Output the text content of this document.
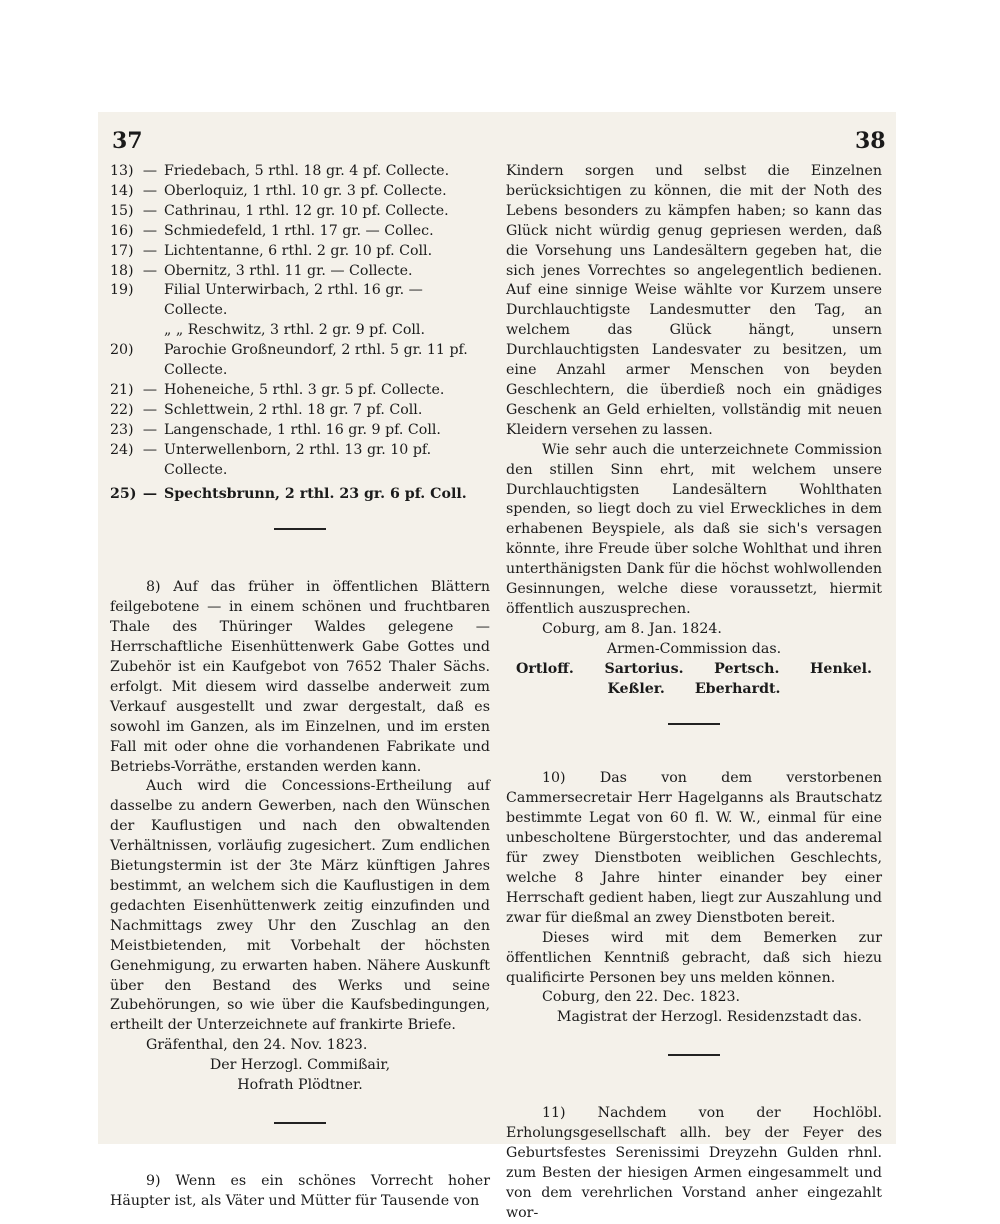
37	38
13) — Friedebach, 5 rthl. 18 gr. 4 pf. Collecte.
14) — Oberloquiz, 1 rthl. 10 gr. 3 pf. Collecte.
15) — Cathrinau, 1 rthl. 12 gr. 10 pf. Collecte.
16) — Schmiedefeld, 1 rthl. 17 gr. — Collec.
17) — Lichtentanne, 6 rthl. 2 gr. 10 pf. Coll.
18) — Obernitz, 3 rthl. 11 gr. — Collecte.
19) Filial Unterwirbach, 2 rthl. 16 gr. —
Collecte.
„ „ Reschwitz, 3 rthl. 2 gr. 9 pf. Coll.
20) Parochie Großneundorf, 2 rthl. 5 gr. 11 pf.
Collecte.
21) — Hoheneiche, 5 rthl. 3 gr. 5 pf. Collecte.
22) — Schlettwein, 2 rthl. 18 gr. 7 pf. Coll.
23) — Langenschade, 1 rthl. 16 gr. 9 pf. Coll.
24) — Unterwellenborn, 2 rthl. 13 gr. 10 pf.
Collecte.
25) — Spechtsbrunn, 2 rthl. 23 gr. 6 pf. Coll.
8) Auf das früher in öffentlichen Blättern feilgebotene — in einem schönen und fruchtbaren Thale des Thüringer Waldes gelegene — Herrschaftliche Eisenhüttenwerk Gabe Gottes und Zubehör ist ein Kaufgebot von 7652 Thaler Sächs. erfolgt. Mit diesem wird dasselbe anderweit zum Verkauf ausgestellt und zwar dergestalt, daß es sowohl im Ganzen, als im Einzelnen, und im ersten Fall mit oder ohne die vorhandenen Fabrikate und Betriebs-Vorräthe, erstanden werden kann.
Auch wird die Concessions-Ertheilung auf dasselbe zu andern Gewerben, nach den Wünschen der Kauflustigen und nach den obwaltenden Verhältnissen, vorläufig zugesichert. Zum endlichen Bietungstermin ist der 3te März künftigen Jahres bestimmt, an welchem sich die Kauflustigen in dem gedachten Eisenhüttenwerk zeitig einzufinden und Nachmittags zwey Uhr den Zuschlag an den Meistbietenden, mit Vorbehalt der höchsten Genehmigung, zu erwarten haben. Nähere Auskunft über den Bestand des Werks und seine Zubehörungen, so wie über die Kaufsbedingungen, ertheilt der Unterzeichnete auf frankirte Briefe.
Gräfenthal, den 24. Nov. 1823.
Der Herzogl. Commißair,
Hofrath Plödtner.
9) Wenn es ein schönes Vorrecht hoher Häupter ist, als Väter und Mütter für Tausende von
Kindern sorgen und selbst die Einzelnen berücksichtigen zu können, die mit der Noth des Lebens besonders zu kämpfen haben; so kann das Glück nicht würdig genug gepriesen werden, daß die Vorsehung uns Landesältern gegeben hat, die sich jenes Vorrechtes so angelegentlich bedienen. Auf eine sinnige Weise wählte vor Kurzem unsere Durchlauchtigste Landesmutter den Tag, an welchem das Glück hängt, unsern Durchlauchtigsten Landesvater zu besitzen, um eine Anzahl armer Menschen von beyden Geschlechtern, die überdieß noch ein gnädiges Geschenk an Geld erhielten, vollständig mit neuen Kleidern versehen zu lassen.
Wie sehr auch die unterzeichnete Commission den stillen Sinn ehrt, mit welchem unsere Durchlauchtigsten Landesältern Wohlthaten spenden, so liegt doch zu viel Erweckliches in dem erhabenen Beyspiele, als daß sie sich's versagen könnte, ihre Freude über solche Wohlthat und ihren unterthänigsten Dank für die höchst wohlwollenden Gesinnungen, welche diese voraussetzt, hiermit öffentlich auszusprechen.
Coburg, am 8. Jan. 1824.
Armen-Commission das.
Ortloff. Sartorius. Pertsch. Henkel.
Keßler. Eberhardt.
10) Das von dem verstorbenen Cammersecretair Herr Hagelganns als Brautschatz bestimmte Legat von 60 fl. W. W., einmal für eine unbescholtene Bürgerstochter, und das anderemal für zwey Dienstboten weiblichen Geschlechts, welche 8 Jahre hinter einander bey einer Herrschaft gedient haben, liegt zur Auszahlung und zwar für dießmal an zwey Dienstboten bereit.
Dieses wird mit dem Bemerken zur öffentlichen Kenntniß gebracht, daß sich hiezu qualificirte Personen bey uns melden können.
Coburg, den 22. Dec. 1823.
Magistrat der Herzogl. Residenzstadt das.
11) Nachdem von der Hochlöbl. Erholungsgesellschaft allh. bey der Feyer des Geburtsfestes Serenissimi Dreyzehn Gulden rhnl. zum Besten der hiesigen Armen eingesammelt und von dem verehrlichen Vorstand anher eingezahlt wor-
